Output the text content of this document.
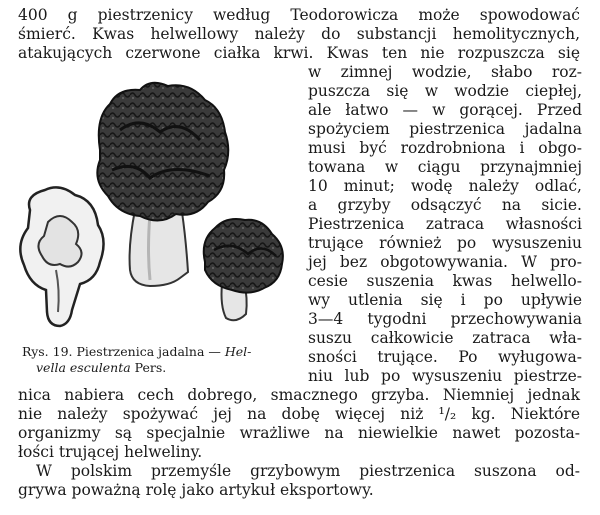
400 g piestrzenicy według Teodorowicza może spowodować
śmierć. Kwas helwellowy należy do substancji hemolitycznych,
atakujących czerwone ciałka krwi. Kwas ten nie rozpuszcza się
w zimnej wodzie, słabo roz-
puszcza się w wodzie ciepłej,
ale łatwo — w gorącej. Przed
spożyciem piestrzenica jadalna
musi być rozdrobniona i obgo-
towana w ciągu przynajmniej
10 minut; wodę należy odlać,
a grzyby odsączyć na sicie.
Piestrzenica zatraca własności
trujące również po wysuszeniu
jej bez obgotowywania. W pro-
cesie suszenia kwas helwello-
wy utlenia się i po upływie
3—4 tygodni przechowywania
suszu całkowicie zatraca wła-
sności trujące. Po wyługowa-
niu lub po wysuszeniu piestrze-
nica nabiera cech dobrego, smacznego grzyba. Niemniej jednak
nie należy spożywać jej na dobę więcej niż ¹/₂ kg. Niektóre
organizmy są specjalnie wrażliwe na niewielkie nawet pozosta-
łości trującej helweliny.
W polskim przemyśle grzybowym piestrzenica suszona od-
grywa poważną rolę jako artykuł eksportowy.
Rys. 19. Piestrzenica jadalna — Hel-
vella esculenta Pers.
